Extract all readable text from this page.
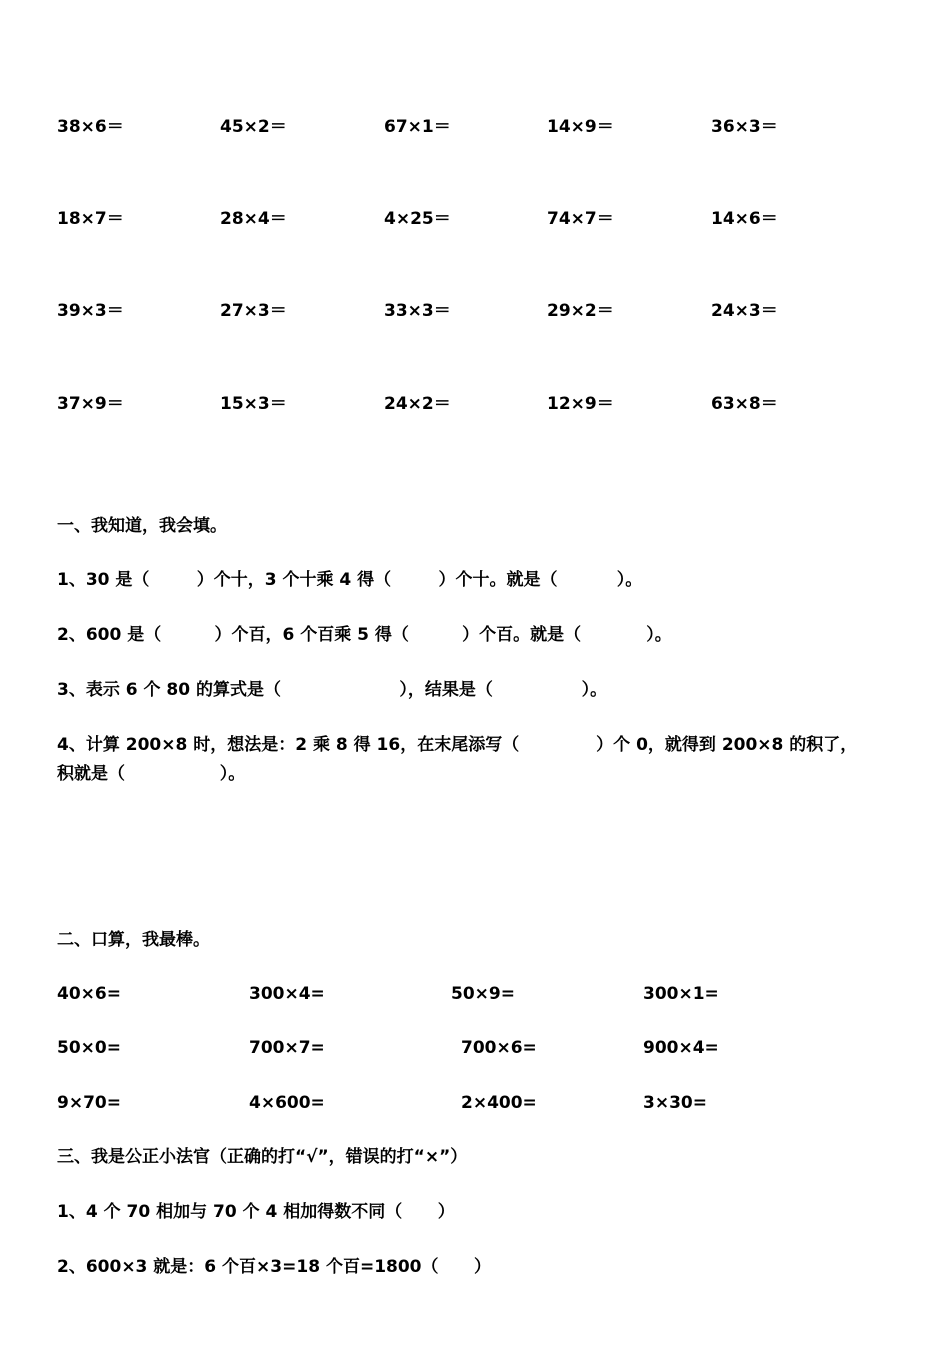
38×6＝	45×2＝	67×1＝	14×9＝	36×3＝
18×7＝	28×4＝	4×25＝	74×7＝	14×6＝
39×3＝	27×3＝	33×3＝	29×2＝	24×3＝
37×9＝	15×3＝	24×2＝	12×9＝	63×8＝
一、我知道，我会填。
1、30 是（        ）个十，3 个十乘 4 得（        ）个十。就是（          ）。
2、600 是（         ）个百，6 个百乘 5 得（         ）个百。就是（           ）。
3、表示 6 个 80 的算式是（                    ），结果是（               ）。
4、计算 200×8 时，想法是：2 乘 8 得 16，在末尾添写（             ）个 0，就得到 200×8 的积了，
积就是（                ）。
二、口算，我最棒。
40×6=	300×4=	50×9=	300×1=
50×0=	700×7=	700×6=	900×4=
9×70=	4×600=	2×400=	3×30=
三、我是公正小法官（正确的打“√”，错误的打“×”）
1、4 个 70 相加与 70 个 4 相加得数不同（      ）
2、600×3 就是：6 个百×3=18 个百=1800（      ）
